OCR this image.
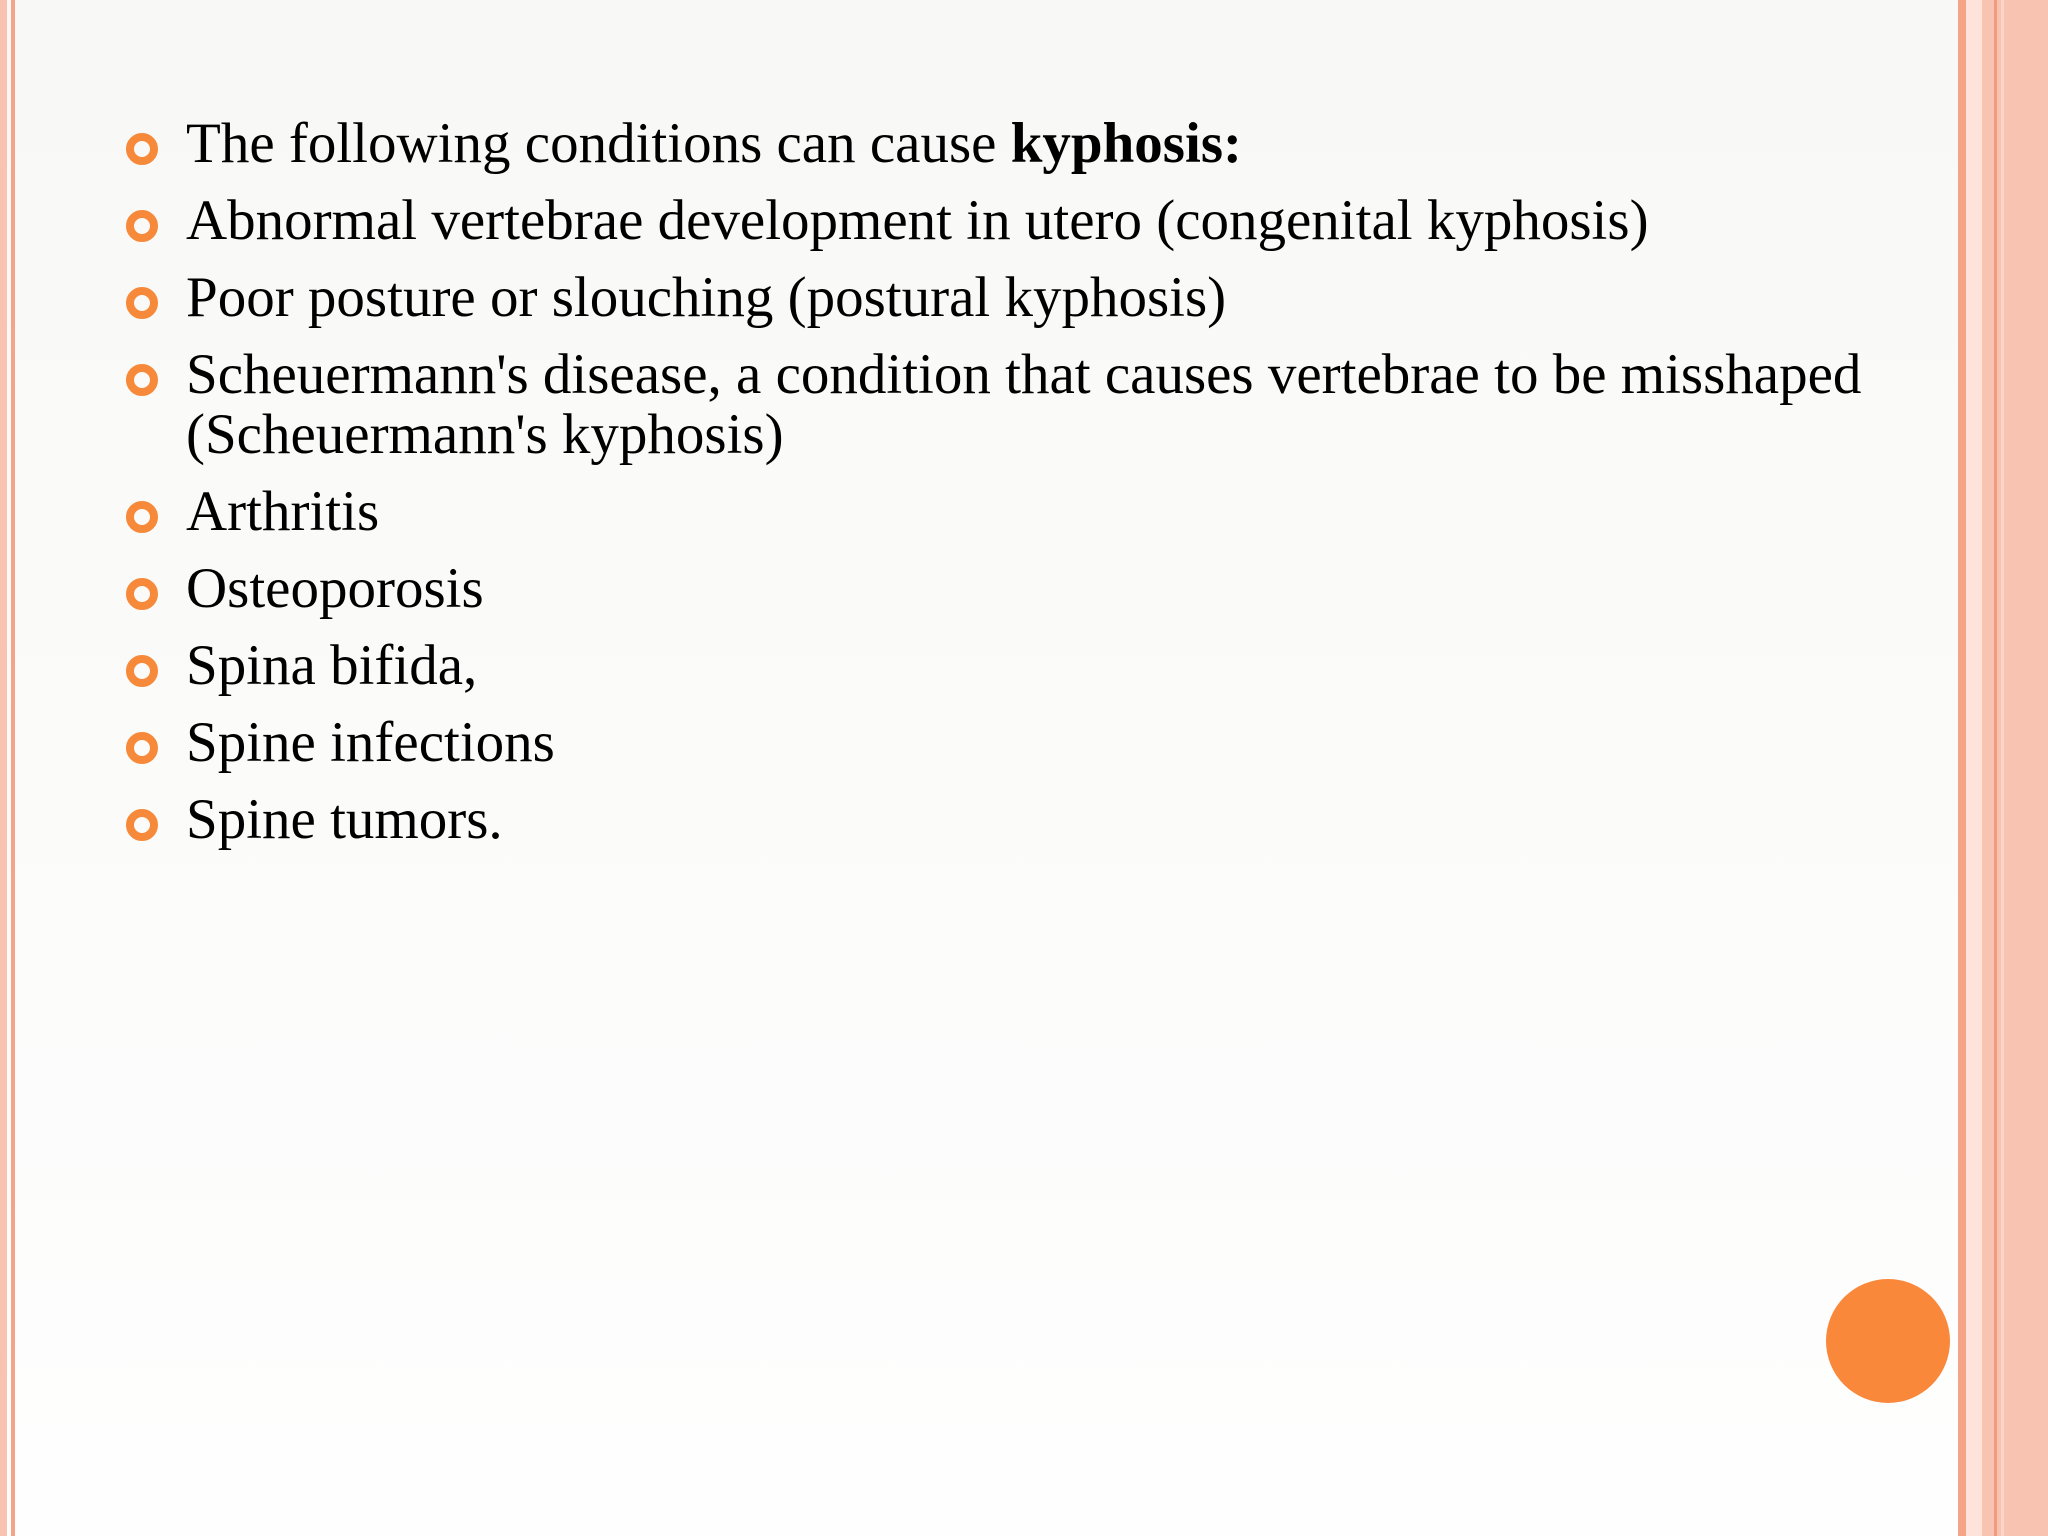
The following conditions can cause kyphosis:
Abnormal vertebrae development in utero (congenital kyphosis)
Poor posture or slouching (postural kyphosis)
Scheuermann's disease, a condition that causes vertebrae to be misshaped (Scheuermann's kyphosis)
Arthritis
Osteoporosis
Spina bifida,
Spine infections
Spine tumors.
